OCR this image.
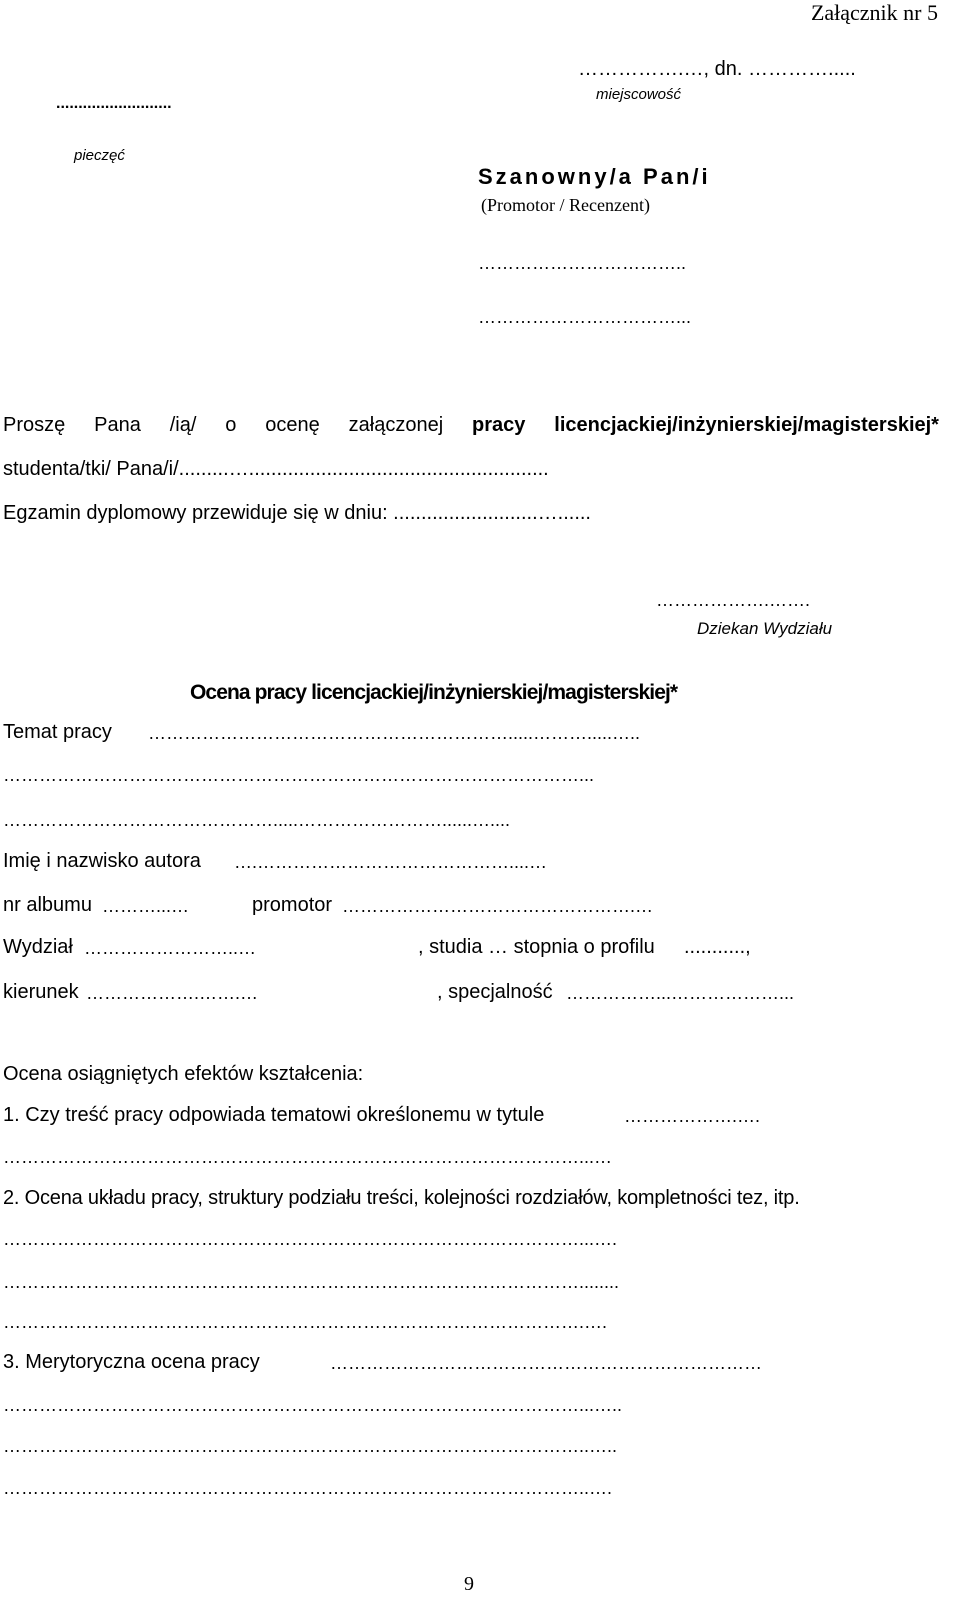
Załącznik nr 5
…………….…, dn. ………….....
miejscowość
..........................
pieczęć
Szanowny/a Pan/i
(Promotor / Recenzent)
……………………………..
……………………………...
Proszę Pana /ią/ o ocenę załączonej pracy licencjackiej/inżynierskiej/magisterskiej*
studenta/tki/ Pana/i/.........…......................................................
Egzamin dyplomowy przewiduje się w dniu: ..........................…......
……………….…….
Dziekan Wydziału
Ocena pracy licencjackiej/inżynierskiej/magisterskiej*
Temat pracy …………………………………………………….....……….....…..
……………………………………………………………………………………...
……………………………………….....……………………......…....
Imię i nazwisko autora ….……………………………………....…
nr albumu ………...…	promotor ………………………………………….…
Wydział ……………………..…	, studia … stopnia o profilu ...........,
kierunek ……………….…….…	, specjalność ……………...………………...
Ocena osiągniętych efektów kształcenia:
1. Czy treść pracy odpowiada tematowi określonemu w tytule	……………….….
……………………………………………………………………………………...…
2. Ocena układu pracy, struktury podziału treści, kolejności rozdziałów, kompletności tez, itp.
……………………………………………………………………………………...….
……………………………………………………………………………………........
…………………………………………………………………………………….….
3. Merytoryczna ocena pracy	………………………………………………………………
……………………………………………………………………………………...…..
……………………………………………………………………………………..…..
……………………………………………………………………………………..….
9
